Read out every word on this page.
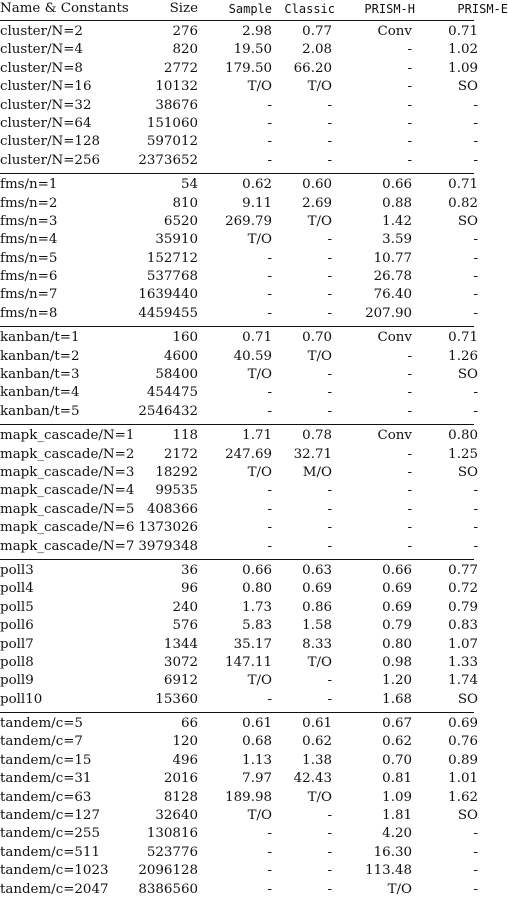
Name & Constants	Size	Sample Classic PRISM-H	PRISM-E
cluster/N=2	276	2.98 0.77	Conv	0.71
cluster/N=4	820	19.50 2.08	-	1.02
cluster/N=8	2772 179.50 66.20	-	1.09
cluster/N=16	10132	T/O	T/O	-	SO
cluster/N=32	38676	-	-	-	-
cluster/N=64	151060	-	-	-	-
cluster/N=128	597012	-	-	-	-
cluster/N=256	2373652	-	-	-	-
fms/n=1	54	0.62 0.60	0.66	0.71
fms/n=2	810	9.11 2.69	0.88	0.82
fms/n=3	6520 269.79	T/O	1.42	SO
fms/n=4	35910	T/O	-	3.59	-
fms/n=5	152712	-	-	10.77	-
fms/n=6	537768	-	-	26.78	-
fms/n=7	1639440	-	-	76.40	-
fms/n=8	4459455	-	- 207.90	-
kanban/t=1	160	0.71 0.70	Conv	0.71
kanban/t=2	4600	40.59	T/O	-	1.26
kanban/t=3	58400	T/O	-	-	SO
kanban/t=4	454475	-	-	-	-
kanban/t=5	2546432	-	-	-	-
mapk_cascade/N=1	118	1.71 0.78	Conv	0.80
mapk_cascade/N=2 2172 247.69 32.71	-	1.25
mapk_cascade/N=3 18292	T/O M/O	-	SO
mapk_cascade/N=4 99535	-	-	-	-
mapk_cascade/N=5 408366	-	-	-	-
mapk_cascade/N=6 1373026	-	-	-	-
mapk_cascade/N=7 3979348	-	-	-	-
poll3	36	0.66 0.63	0.66	0.77
poll4	96	0.80 0.69	0.69	0.72
poll5	240	1.73 0.86	0.69	0.79
poll6	576	5.83 1.58	0.79	0.83
poll7	1344	35.17 8.33	0.80	1.07
poll8	3072 147.11	T/O	0.98	1.33
poll9	6912	T/O	-	1.20	1.74
poll10	15360	-	-	1.68	SO
tandem/c=5	66	0.61 0.61	0.67	0.69
tandem/c=7	120	0.68 0.62	0.62	0.76
tandem/c=15	496	1.13 1.38	0.70	0.89
tandem/c=31	2016	7.97 42.43	0.81	1.01
tandem/c=63	8128 189.98	T/O	1.09	1.62
tandem/c=127	32640	T/O	-	1.81	SO
tandem/c=255	130816	-	-	4.20	-
tandem/c=511	523776	-	-	16.30	-
tandem/c=1023 2096128	-	- 113.48	-
tandem/c=2047 8386560	-	-	T/O	-
